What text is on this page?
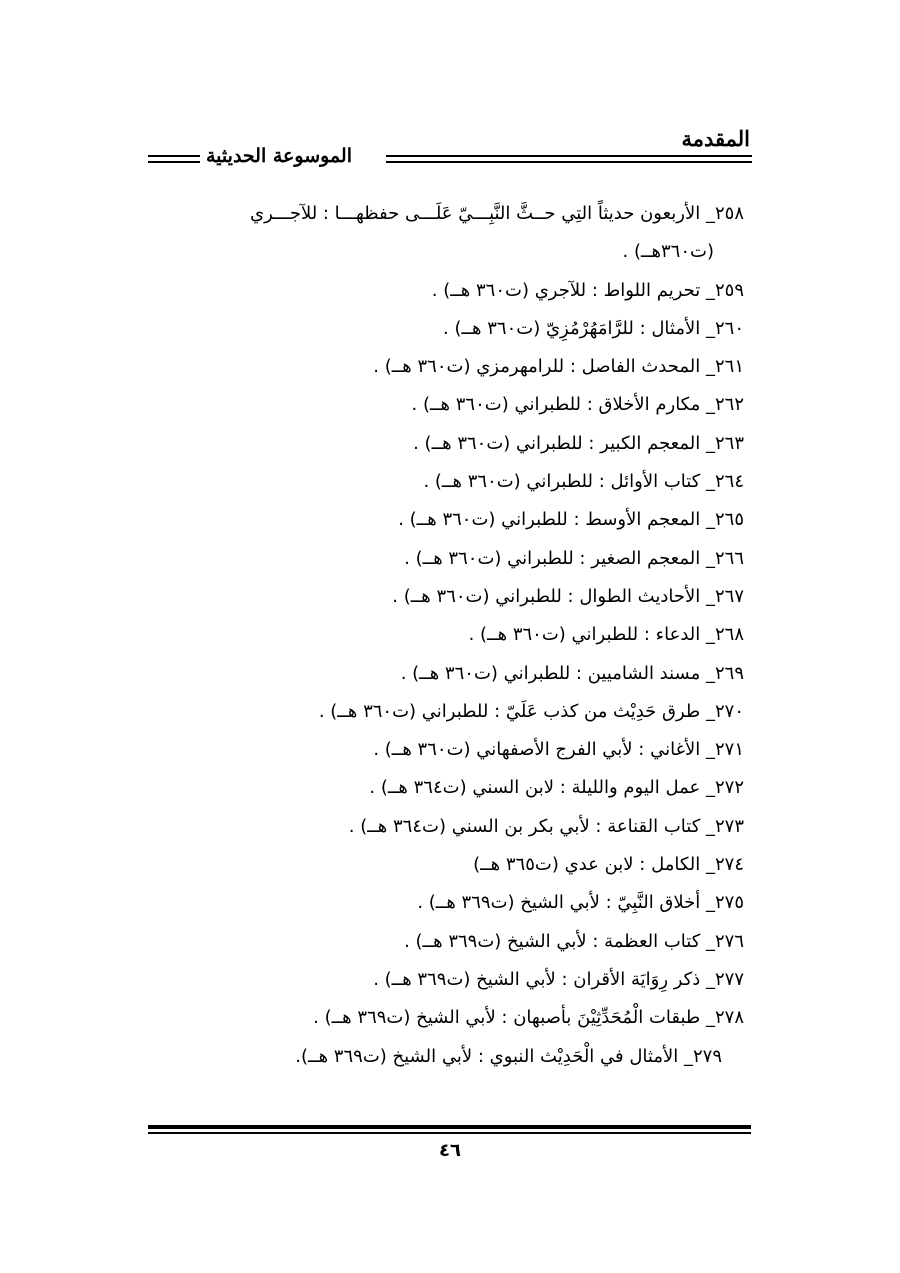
المقدمة
الموسوعة الحديثية
٢٥٨_ الأربعون حديثاً التِي حــثَّ النَّبِـــيّ عَلَـــى حفظهـــا : للآجـــري
(ت٣٦٠هــ) .
٢٥٩_ تحريم اللواط : للآجري (ت٣٦٠ هــ) .
٢٦٠_ الأمثال : للرَّامَهُرْمُزِيّ (ت٣٦٠ هــ) .
٢٦١_ المحدث الفاصل : للرامهرمزي (ت٣٦٠ هــ) .
٢٦٢_ مكارم الأخلاق : للطبراني (ت٣٦٠ هــ) .
٢٦٣_ المعجم الكبير : للطبراني (ت٣٦٠ هــ) .
٢٦٤_ كتاب الأوائل : للطبراني (ت٣٦٠ هــ) .
٢٦٥_ المعجم الأوسط : للطبراني (ت٣٦٠ هــ) .
٢٦٦_ المعجم الصغير : للطبراني (ت٣٦٠ هــ) .
٢٦٧_ الأحاديث الطوال : للطبراني (ت٣٦٠ هــ) .
٢٦٨_ الدعاء : للطبراني (ت٣٦٠ هــ) .
٢٦٩_ مسند الشاميين : للطبراني (ت٣٦٠ هــ) .
٢٧٠_ طرق حَدِيْث من كذب عَلَيّ : للطبراني (ت٣٦٠ هــ) .
٢٧١_ الأغاني : لأبي الفرج الأصفهاني (ت٣٦٠ هــ) .
٢٧٢_ عمل اليوم والليلة : لابن السني (ت٣٦٤ هــ) .
٢٧٣_ كتاب القناعة : لأبي بكر بن السني (ت٣٦٤ هــ) .
٢٧٤_ الكامل : لابن عدي (ت٣٦٥ هــ)
٢٧٥_ أخلاق النَّبِيّ : لأبي الشيخ (ت٣٦٩ هــ) .
٢٧٦_ كتاب العظمة : لأبي الشيخ (ت٣٦٩ هــ) .
٢٧٧_ ذكر رِوَايَة الأقران : لأبي الشيخ (ت٣٦٩ هــ) .
٢٧٨_ طبقات الْمُحَدِّثِيْنَ بأصبهان : لأبي الشيخ (ت٣٦٩ هــ) .
٢٧٩_ الأمثال في الْحَدِيْث النبوي : لأبي الشيخ (ت٣٦٩ هــ).
٤٦
